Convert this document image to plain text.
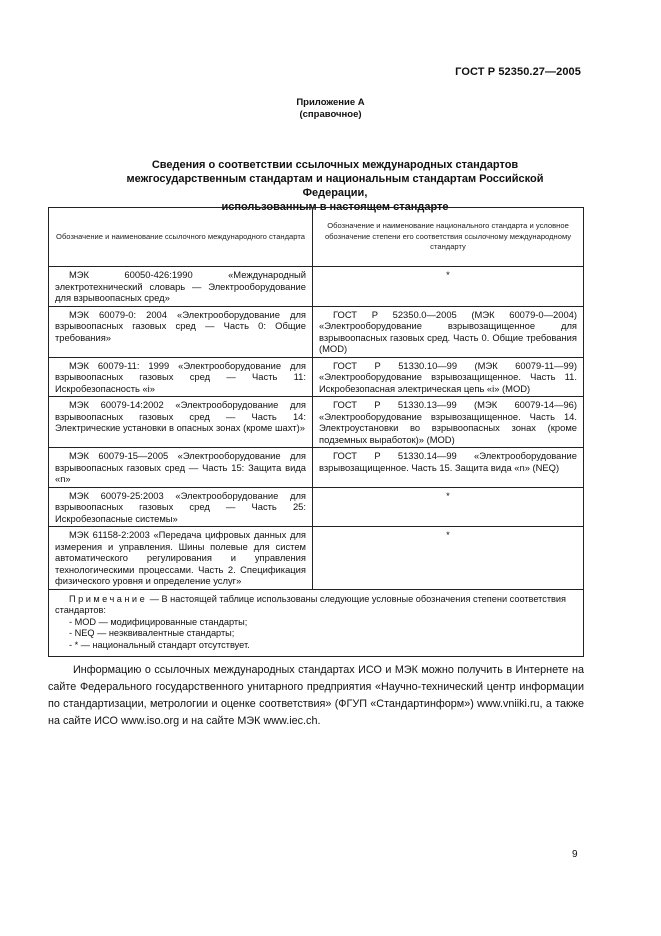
ГОСТ Р 52350.27—2005
Приложение А
(справочное)
Сведения о соответствии ссылочных международных стандартов
межгосударственным стандартам и национальным стандартам Российской Федерации,
использованным в настоящем стандарте
Обозначение и наименование ссылочного международного стандарта	Обозначение и наименование национального стандарта и условное обозначение степени его соответствия ссылочному международному стандарту
МЭК 60050-426:1990 «Международный электротехнический словарь — Электрооборудование для взрывоопасных сред»	*
МЭК 60079-0: 2004 «Электрооборудование для взрывоопасных газовых сред — Часть 0: Общие требования»	ГОСТ Р 52350.0—2005 (МЭК 60079-0—2004) «Электрооборудование взрывозащищенное для взрывоопасных газовых сред. Часть 0. Общие требования (MOD)
МЭК 60079-11: 1999 «Электрооборудование для взрывоопасных газовых сред — Часть 11: Искробезопасность «i»	ГОСТ Р 51330.10—99 (МЭК 60079-11—99) «Электрооборудование взрывозащищенное. Часть 11. Искробезопасная электрическая цепь «i» (MOD)
МЭК 60079-14:2002 «Электрооборудование для взрывоопасных газовых сред — Часть 14: Электрические установки в опасных зонах (кроме шахт)»	ГОСТ Р 51330.13—99 (МЭК 60079-14—96) «Электрооборудование взрывозащищенное. Часть 14. Электроустановки во взрывоопасных зонах (кроме подземных выработок)» (MOD)
МЭК 60079-15—2005 «Электрооборудование для взрывоопасных газовых сред — Часть 15: Защита вида «n»	ГОСТ Р 51330.14—99 «Электрооборудование взрывозащищенное. Часть 15. Защита вида «n» (NEQ)
МЭК 60079-25:2003 «Электрооборудование для взрывоопасных газовых сред — Часть 25: Искробезопасные системы»	*
МЭК 61158-2:2003 «Передача цифровых данных для измерения и управления. Шины полевые для систем автоматического регулирования и управления технологическими процессами. Часть 2. Спецификация физического уровня и определение услуг»	*

Примечание — В настоящей таблице использованы следующие условные обозначения степени соответствия стандартов:
- MOD — модифицированные стандарты;
- NEQ — неэквивалентные стандарты;
- * — национальный стандарт отсутствует.	
Информацию о ссылочных международных стандартах ИСО и МЭК можно получить в Интернете на сайте Федерального государственного унитарного предприятия «Научно-технический центр информации по стандартизации, метрологии и оценке соответствия» (ФГУП «Стандартинформ») www.vniiki.ru, а также на сайте ИСО www.iso.org и на сайте МЭК www.iec.ch.
9
